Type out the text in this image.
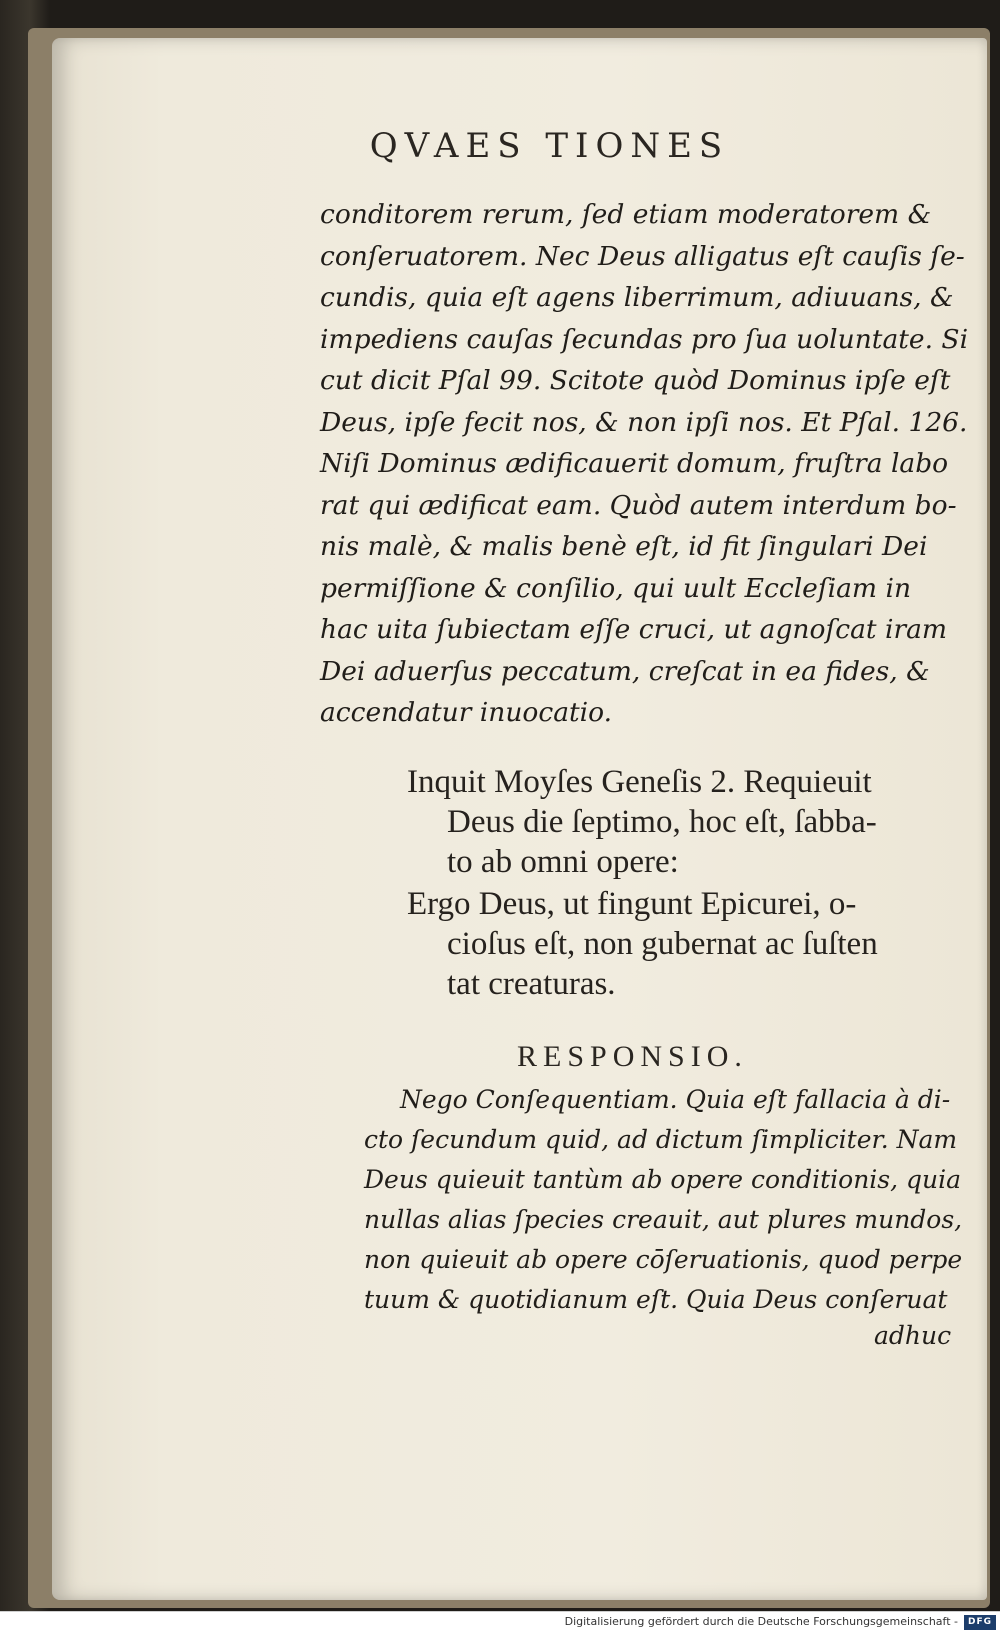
QVAES TIONES
conditorem rerum, ſed etiam moderatorem &
conſeruatorem. Nec Deus alligatus eſt cauſis ſe-
cundis, quia eſt agens liberrimum, adiuuans, &
impediens cauſas ſecundas pro ſua uoluntate. Si
cut dicit Pſal 99. Scitote quòd Dominus ipſe eſt
Deus, ipſe fecit nos, & non ipſi nos. Et Pſal. 126.
Niſi Dominus ædificauerit domum, fruſtra labo
rat qui ædificat eam. Quòd autem interdum bo-
nis malè, & malis benè eſt, id fit ſingulari Dei
permiſſione & conſilio, qui uult Eccleſiam in
hac uita ſubiectam eſſe cruci, ut agnoſcat iram
Dei aduerſus peccatum, creſcat in ea fides, &
accendatur inuocatio.
Inquit Moyſes Geneſis 2. Requieuit
Deus die ſeptimo, hoc eſt, ſabba-
to ab omni opere:
Ergo Deus, ut fingunt Epicurei, o-
cioſus eſt, non gubernat ac ſuſten
tat creaturas.
RESPONSIO.
Nego Conſequentiam. Quia eſt fallacia à di-
cto ſecundum quid, ad dictum ſimpliciter. Nam
Deus quieuit tantùm ab opere conditionis, quia
nullas alias ſpecies creauit, aut plures mundos,
non quieuit ab opere cōſeruationis, quod perpe
tuum & quotidianum eſt. Quia Deus conſeruat
adhuc
Digitalisierung gefördert durch die Deutsche Forschungsgemeinschaft -	DFG
